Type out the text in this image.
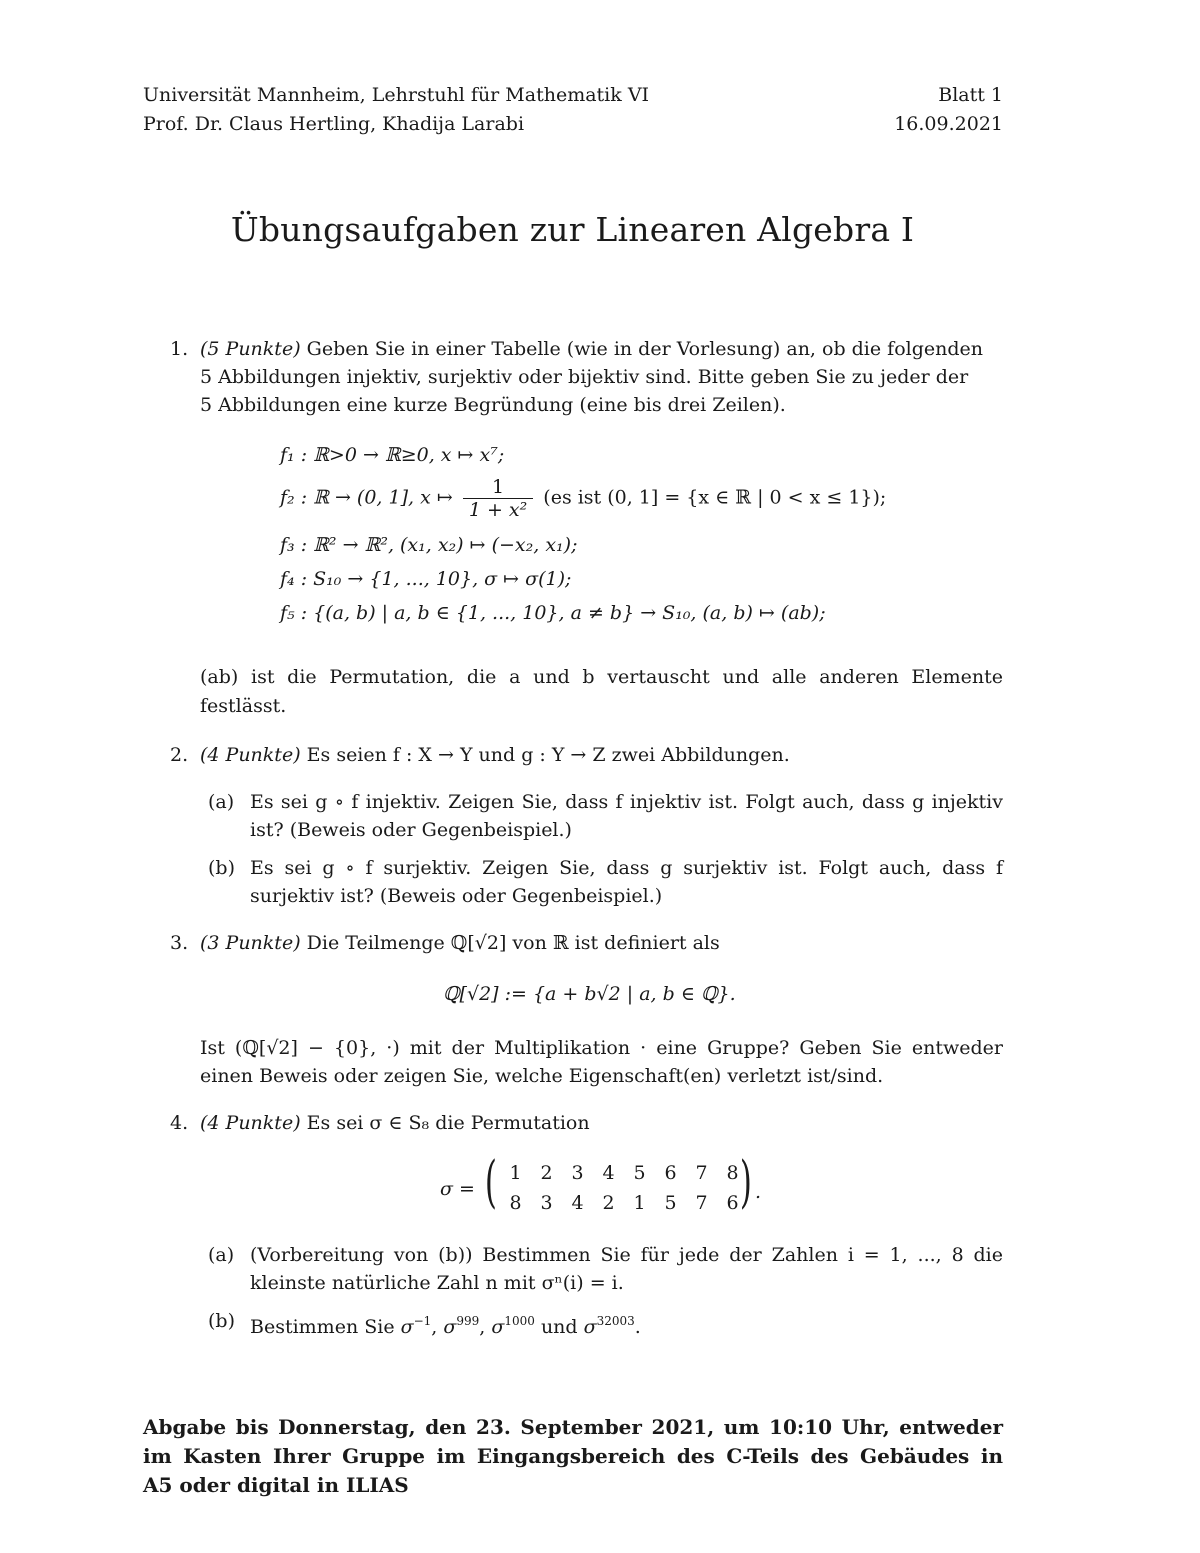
Universität Mannheim, Lehrstuhl für Mathematik VI	Blatt 1
Prof. Dr. Claus Hertling, Khadija Larabi	16.09.2021
Übungsaufgaben zur Linearen Algebra I
1. (5 Punkte) Geben Sie in einer Tabelle (wie in der Vorlesung) an, ob die folgenden
5 Abbildungen injektiv, surjektiv oder bijektiv sind. Bitte geben Sie zu jeder der
5 Abbildungen eine kurze Begründung (eine bis drei Zeilen).
f₁ : ℝ>0 → ℝ≥0, x ↦ x⁷;
f₂ : ℝ → (0, 1], x ↦ $\frac{1}{\text{1 + x²}} (es$ ist (0, 1] = {x ∈ ℝ | 0 < x ≤ 1});
f₃ : ℝ² → ℝ², (x₁, x₂) ↦ (−x₂, x₁);
f₄ : S₁₀ → {1, ..., 10}, σ ↦ σ(1);
f₅ : {(a, b) | a, b ∈ {1, ..., 10}, a ≠ b} → S₁₀, (a, b) ↦ (ab);
(ab) ist die Permutation, die a und b vertauscht und alle anderen Elemente
festlässt.
2. (4 Punkte) Es seien f : X → Y und g : Y → Z zwei Abbildungen.
(a) Es sei g ∘ f injektiv. Zeigen Sie, dass f injektiv ist. Folgt auch, dass g injektiv
ist? (Beweis oder Gegenbeispiel.)
(b) Es sei g ∘ f surjektiv. Zeigen Sie, dass g surjektiv ist. Folgt auch, dass f
surjektiv ist? (Beweis oder Gegenbeispiel.)
3. (3 Punkte) Die Teilmenge ℚ[√2] von ℝ ist definiert als
ℚ[√2] := {a + b√2 | a, b ∈ ℚ}.
Ist (ℚ[√2] − {0}, ·) mit der Multiplikation · eine Gruppe? Geben Sie entweder
einen Beweis oder zeigen Sie, welche Eigenschaft(en) verletzt ist/sind.
4. (4 Punkte) Es sei σ ∈ S₈ die Permutation
σ = ( 1 2 3 4 5 6 7 8
8 3 4 2 1 5 7 6 ) .
(a) (Vorbereitung von (b)) Bestimmen Sie für jede der Zahlen i = 1, ..., 8 die
kleinste natürliche Zahl n mit σⁿ(i) = i.
(b) Bestimmen Sie $\sigma^{-1}$, $\sigma^{999}$, $\sigma^{1000}$ und $\sigma^{32003}$.
Abgabe bis Donnerstag, den 23. September 2021, um 10:10 Uhr, entweder
im Kasten Ihrer Gruppe im Eingangsbereich des C-Teils des Gebäudes in
A5 oder digital in ILIAS
